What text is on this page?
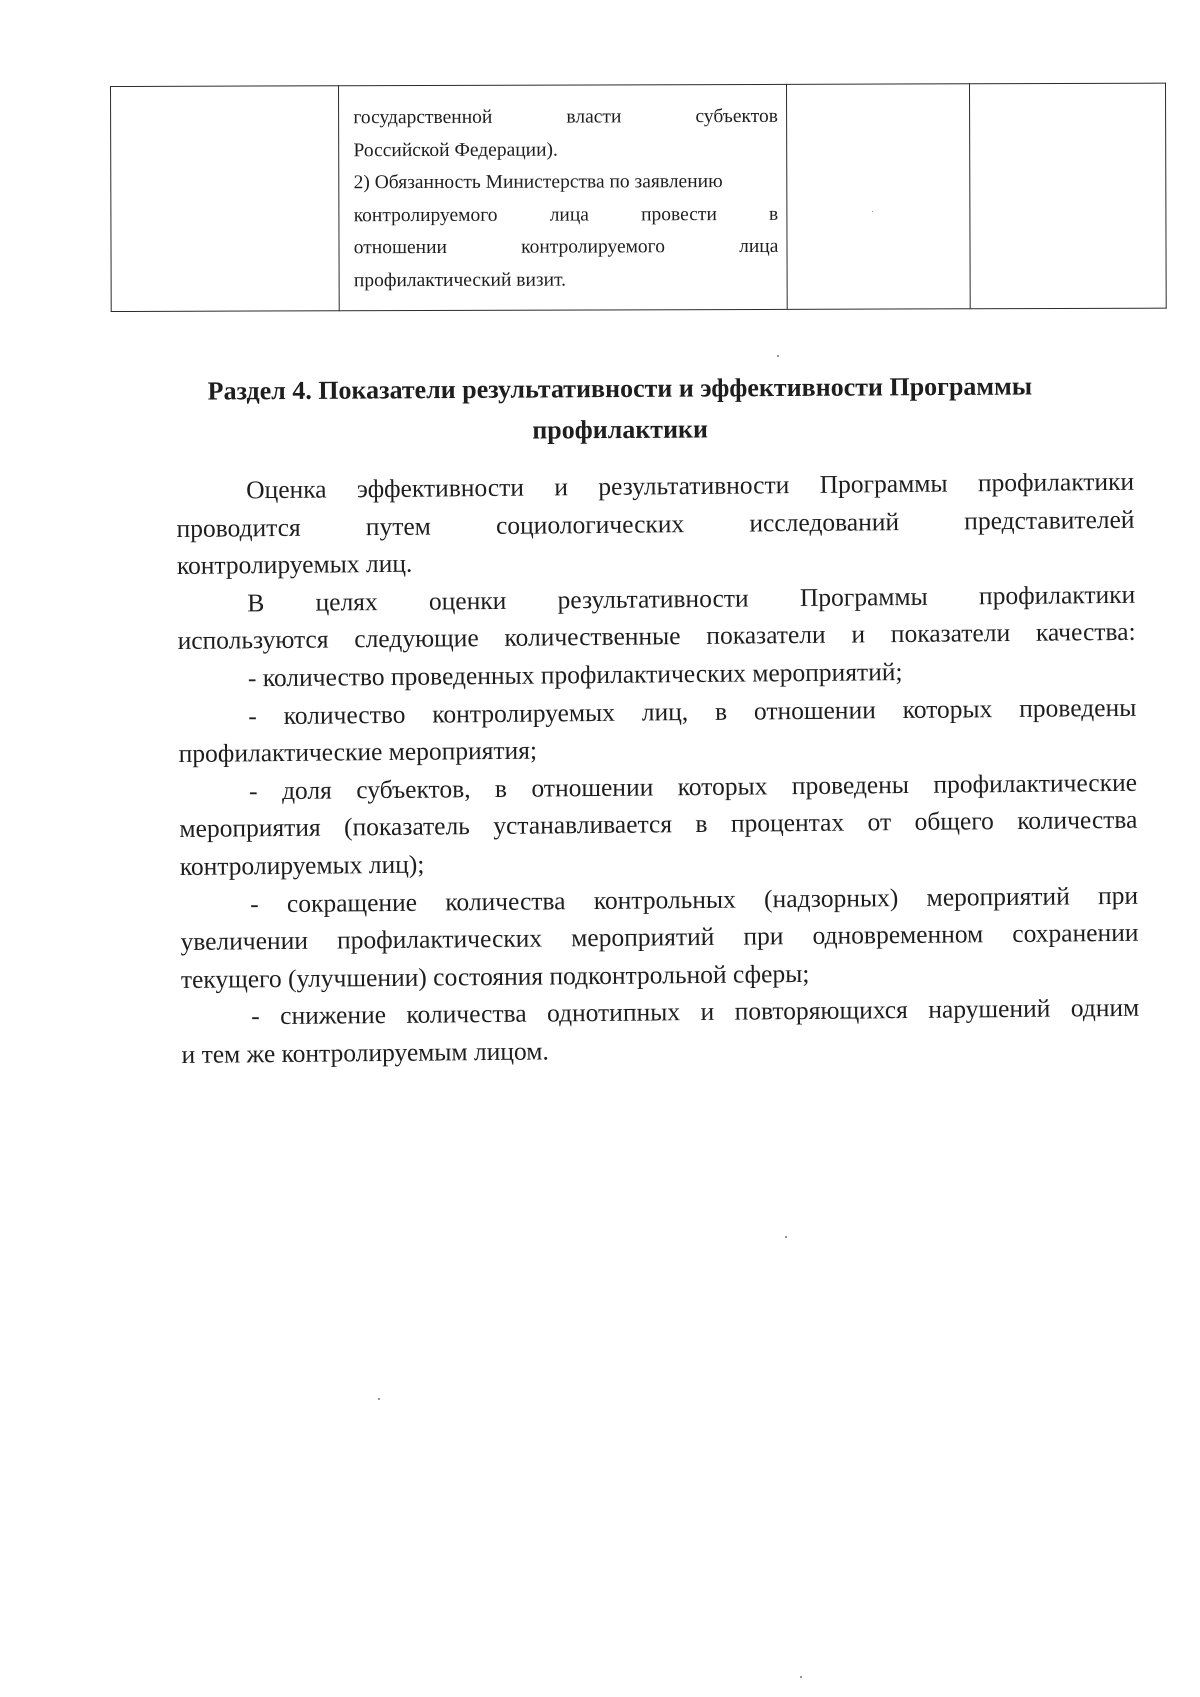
государственной власти субъектов
Российской Федерации).
2) Обязанность Министерства по заявлению
контролируемого лица провести в
отношении контролируемого лица
профилактический визит.

Раздел 4. Показатели результативности и эффективности Программы
профилактики
Оценка эффективности и результативности Программы профилактики
проводится путем социологических исследований представителей
контролируемых лиц.
В целях оценки результативности Программы профилактики
используются следующие количественные показатели и показатели качества:
- количество проведенных профилактических мероприятий;
- количество контролируемых лиц, в отношении которых проведены
профилактические мероприятия;
- доля субъектов, в отношении которых проведены профилактические
мероприятия (показатель устанавливается в процентах от общего количества
контролируемых лиц);
- сокращение количества контрольных (надзорных) мероприятий при
увеличении профилактических мероприятий при одновременном сохранении
текущего (улучшении) состояния подконтрольной сферы;
- снижение количества однотипных и повторяющихся нарушений одним
и тем же контролируемым лицом.
